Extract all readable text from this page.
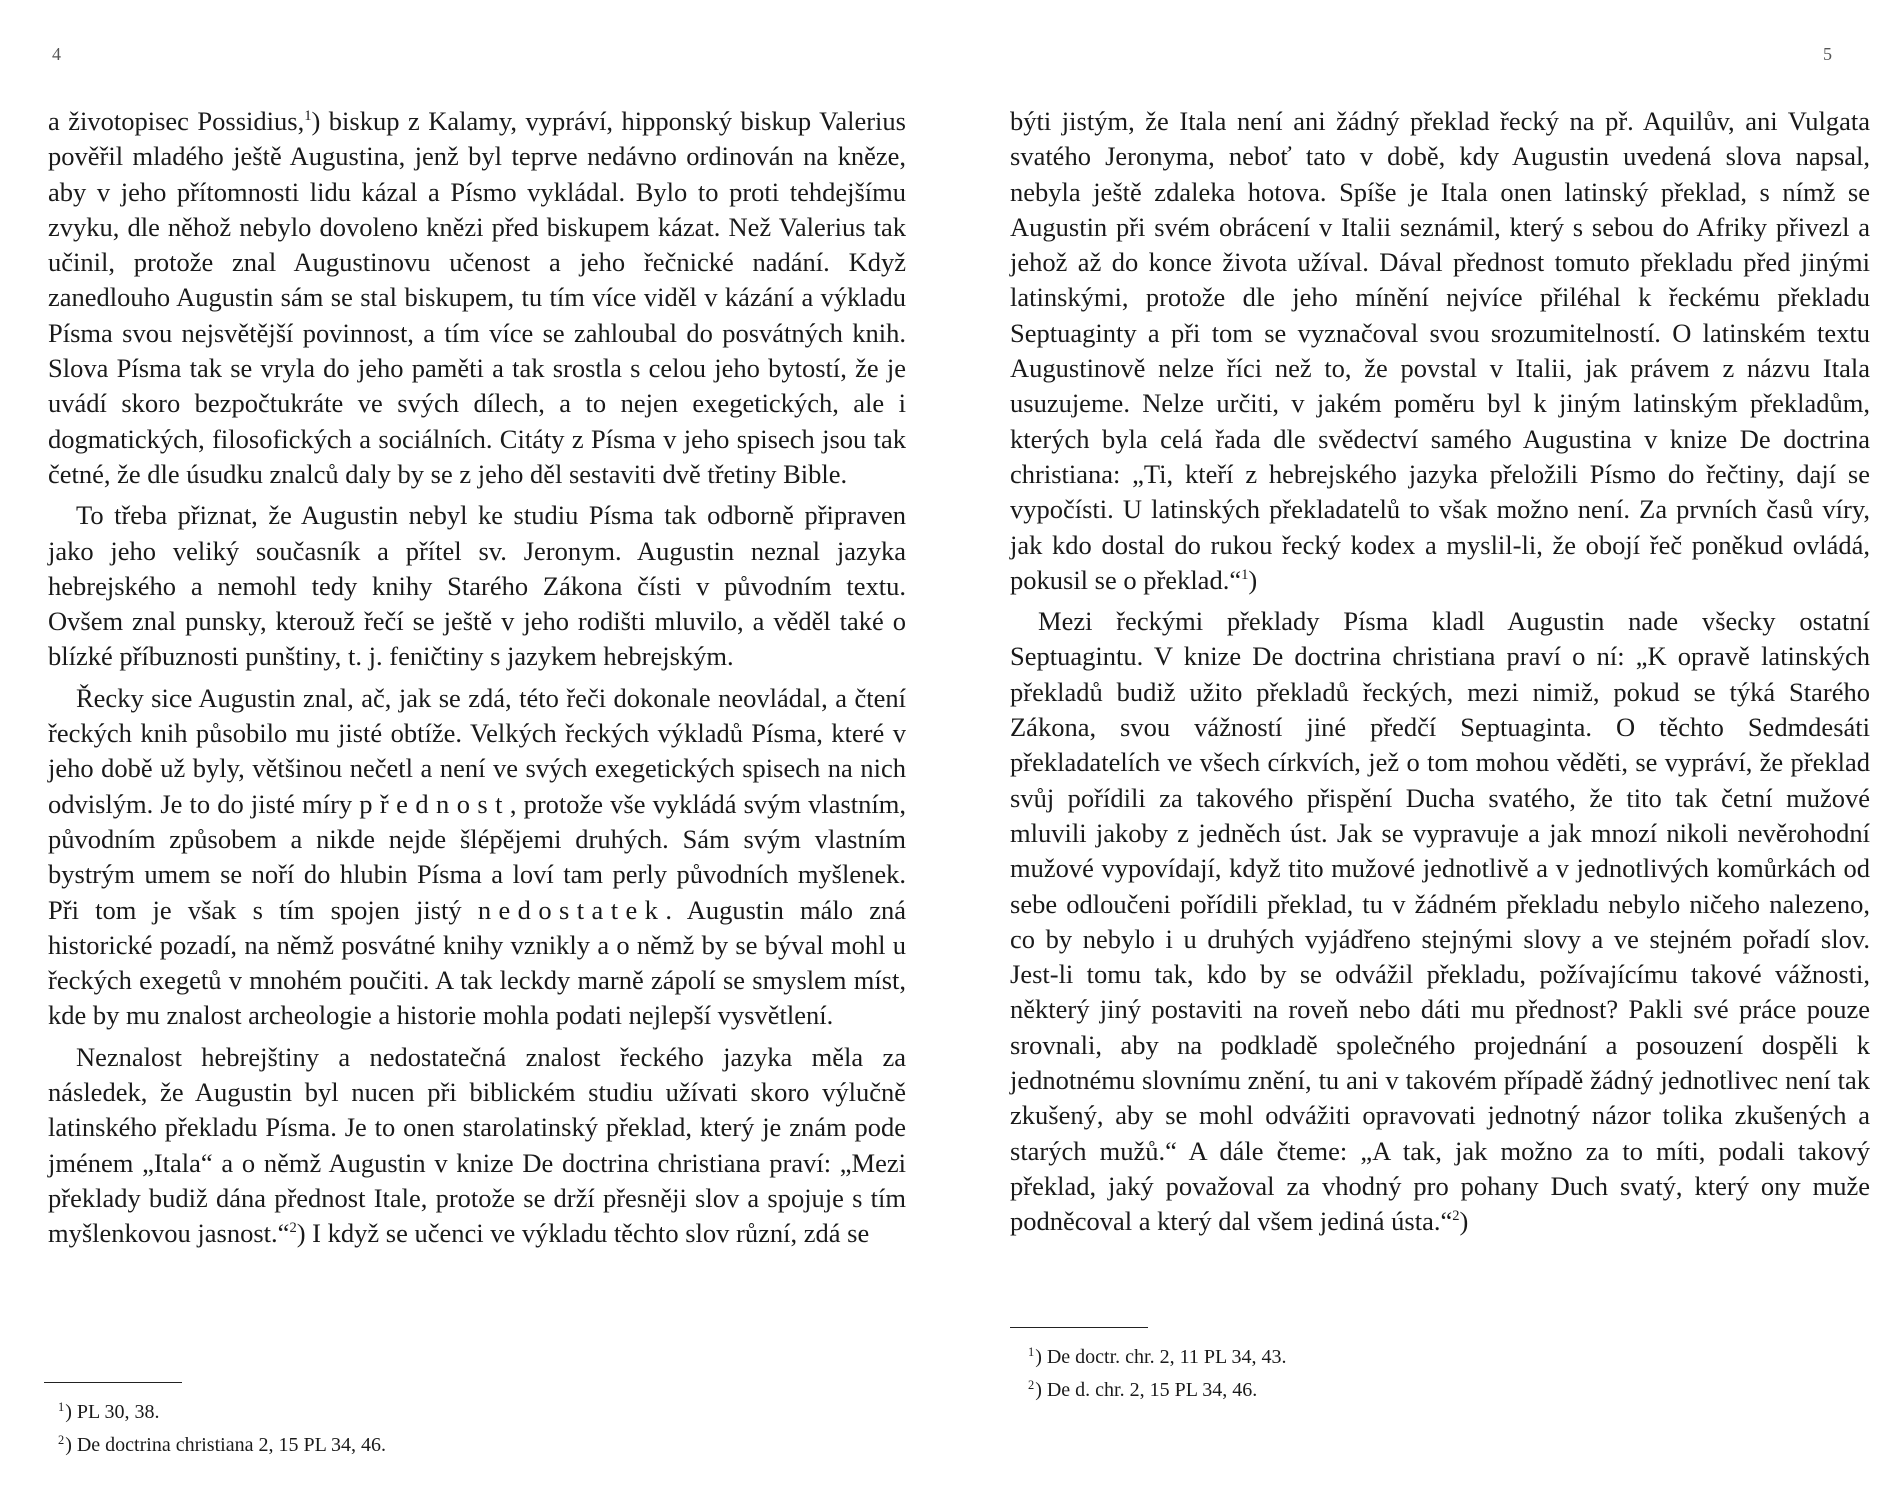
4

a životopisec Possidius,$^1$) biskup z Kalamy, vypráví, hipponský biskup Valerius pověřil mladého ještě Augustina, jenž byl teprve nedávno ordinován na kněze, aby v jeho přítomnosti lidu kázal a Písmo vykládal. Bylo to proti tehdejšímu zvyku, dle něhož nebylo dovoleno knězi před biskupem kázat. Než Valerius tak učinil, protože znal Augustinovu učenost a jeho řečnické nadání. Když zanedlouho Augustin sám se stal biskupem, tu tím více viděl v kázání a výkladu Písma svou nejsvětější povinnost, a tím více se zahloubal do posvátných knih. Slova Písma tak se vryla do jeho paměti a tak srostla s celou jeho bytostí, že je uvádí skoro bezpočtukráte ve svých dílech, a to nejen exegetických, ale i dogmatických, filosofických a sociálních. Citáty z Písma v jeho spisech jsou tak četné, že dle úsudku znalců daly by se z jeho děl sestaviti dvě třetiny Bible.

To třeba přiznat, že Augustin nebyl ke studiu Písma tak odborně připraven jako jeho veliký současník a přítel sv. Jeronym. Augustin neznal jazyka hebrejského a nemohl tedy knihy Starého Zákona čísti v původním textu. Ovšem znal punsky, kterouž řečí se ještě v jeho rodišti mluvilo, a věděl také o blízké příbuznosti punštiny, t. j. feničtiny s jazykem hebrejským.

Řecky sice Augustin znal, ač, jak se zdá, této řeči dokonale neovládal, a čtení řeckých knih působilo mu jisté obtíže. Velkých řeckých výkladů Písma, které v jeho době už byly, většinou nečetl a není ve svých exegetických spisech na nich odvislým. Je to do jisté míry přednost, protože vše vykládá svým vlastním, původním způsobem a nikde nejde šlépějemi druhých. Sám svým vlastním bystrým umem se noří do hlubin Písma a loví tam perly původních myšlenek. Při tom je však s tím spojen jistý nedostatek. Augustin málo zná historické pozadí, na němž posvátné knihy vznikly a o němž by se býval mohl u řeckých exegetů v mnohém poučiti. A tak leckdy marně zápolí se smyslem míst, kde by mu znalost archeologie a historie mohla podati nejlepší vysvětlení.

Neznalost hebrejštiny a nedostatečná znalost řeckého jazyka měla za následek, že Augustin byl nucen při biblickém studiu užívati skoro výlučně latinského překladu Písma. Je to onen starolatinský překlad, který je znám pode jménem „Itala“ a o němž Augustin v knize De doctrina christiana praví: „Mezi překlady budiž dána přednost Itale, protože se drží přesněji slov a spojuje s tím myšlenkovou jasnost.“$^2$) I když se učenci ve výkladu těchto slov různí, zdá se

$^1$) PL 30, 38.

$^2$) De doctrina christiana 2, 15 PL 34, 46.

5

býti jistým, že Itala není ani žádný překlad řecký na př. Aquilův, ani Vulgata svatého Jeronyma, neboť tato v době, kdy Augustin uvedená slova napsal, nebyla ještě zdaleka hotova. Spíše je Itala onen latinský překlad, s nímž se Augustin při svém obrácení v Italii seznámil, který s sebou do Afriky přivezl a jehož až do konce života užíval. Dával přednost tomuto překladu před jinými latinskými, protože dle jeho mínění nejvíce přiléhal k řeckému překladu Septuaginty a při tom se vyznačoval svou srozumitelností. O latinském textu Augustinově nelze říci než to, že povstal v Italii, jak právem z názvu Itala usuzujeme. Nelze určiti, v jakém poměru byl k jiným latinským překladům, kterých byla celá řada dle svědectví samého Augustina v knize De doctrina christiana: „Ti, kteří z hebrejského jazyka přeložili Písmo do řečtiny, dají se vypočísti. U latinských překladatelů to však možno není. Za prvních časů víry, jak kdo dostal do rukou řecký kodex a myslil-li, že obojí řeč poněkud ovládá, pokusil se o překlad.“$^1$)

Mezi řeckými překlady Písma kladl Augustin nade všecky ostatní Septuagintu. V knize De doctrina christiana praví o ní: „K opravě latinských překladů budiž užito překladů řeckých, mezi nimiž, pokud se týká Starého Zákona, svou vážností jiné předčí Septuaginta. O těchto Sedmdesáti překladatelích ve všech církvích, jež o tom mohou věděti, se vypráví, že překlad svůj pořídili za takového přispění Ducha svatého, že tito tak četní mužové mluvili jakoby z jedněch úst. Jak se vypravuje a jak mnozí nikoli nevěrohodní mužové vypovídají, když tito mužové jednotlivě a v jednotlivých komůrkách od sebe odloučeni pořídili překlad, tu v žádném překladu nebylo ničeho nalezeno, co by nebylo i u druhých vyjádřeno stejnými slovy a ve stejném pořadí slov. Jest-li tomu tak, kdo by se odvážil překladu, požívajícímu takové vážnosti, některý jiný postaviti na roveň nebo dáti mu přednost? Pakli své práce pouze srovnali, aby na podkladě společného projednání a posouzení dospěli k jednotnému slovnímu znění, tu ani v takovém případě žádný jednotlivec není tak zkušený, aby se mohl odvážiti opravovati jednotný názor tolika zkušených a starých mužů.“ A dále čteme: „A tak, jak možno za to míti, podali takový překlad, jaký považoval za vhodný pro pohany Duch svatý, který ony muže podněcoval a který dal všem jediná ústa.“$^2$)

$^1$) De doctr. chr. 2, 11 PL 34, 43.

$^2$) De d. chr. 2, 15 PL 34, 46.
